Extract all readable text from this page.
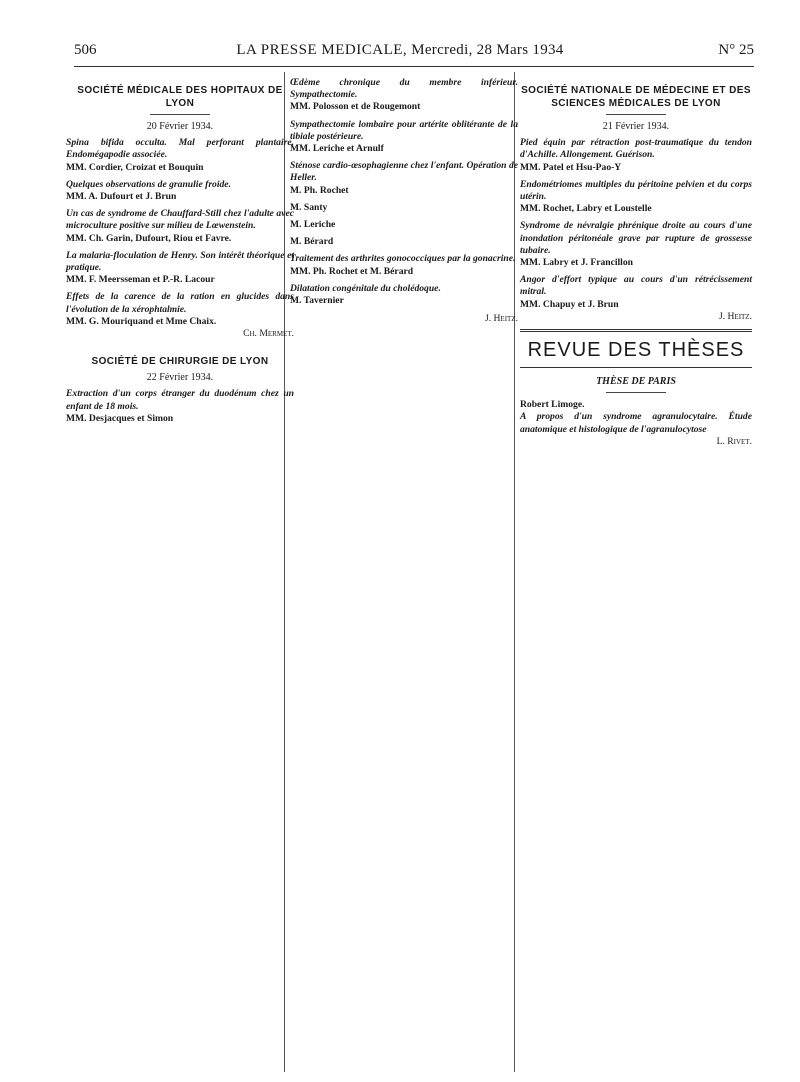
506	N° 25
LA PRESSE MEDICALE, Mercredi, 28 Mars 1934

SOCIÉTÉ MÉDICALE DES HOPITAUX DE LYON

20 Février 1934.

Spina bifida occulta. Mal perforant plantaire. Endomégapodie associée.

MM. Cordier, Croizat et Bouquin

Quelques observations de granulie froide.

MM. A. Dufourt et J. Brun

Un cas de syndrome de Chauffard-Still chez l'adulte avec microculture positive sur milieu de Lœwenstein.

MM. Ch. Garin, Dufourt, Riou et Favre.

La malaria-floculation de Henry. Son intérêt théorique et pratique.

MM. F. Meersseman et P.-R. Lacour

Effets de la carence de la ration en glucides dans l'évolution de la xérophtalmie.

MM. G. Mouriquand et Mme Chaix.

Ch. Mermet.

SOCIÉTÉ DE CHIRURGIE DE LYON

22 Février 1934.

Extraction d'un corps étranger du duodénum chez un enfant de 18 mois.

MM. Desjacques et Simon

Œdème chronique du membre inférieur. Sympathectomie.

MM. Polosson et de Rougemont

Sympathectomie lombaire pour artérite oblitérante de la tibiale postérieure.

MM. Leriche et Arnulf

Sténose cardio-œsophagienne chez l'enfant. Opération de Heller.

M. Ph. Rochet

M. Santy

M. Leriche

M. Bérard

Traitement des arthrites gonococciques par la gonacrine.

MM. Ph. Rochet et M. Bérard

Dilatation congénitale du cholédoque.

M. Tavernier

J. Heitz.

SOCIÉTÉ NATIONALE DE MÉDECINE ET DES SCIENCES MÉDICALES DE LYON

21 Février 1934.

Pied équin par rétraction post-traumatique du tendon d'Achille. Allongement. Guérison.

MM. Patel et Hsu-Pao-Y

Endométriomes multiples du péritoine pelvien et du corps utérin.

MM. Rochet, Labry et Loustelle

Syndrome de névralgie phrénique droite au cours d'une inondation péritonéale grave par rupture de grossesse tubaire.

MM. Labry et J. Francillon

Angor d'effort typique au cours d'un rétrécissement mitral.

MM. Chapuy et J. Brun

J. Heitz.

REVUE DES THÈSES

THÈSE DE PARIS

Robert Limoge.

A propos d'un syndrome agranulocytaire. Étude anatomique et histologique de l'agranulocytose

L. Rivet.
